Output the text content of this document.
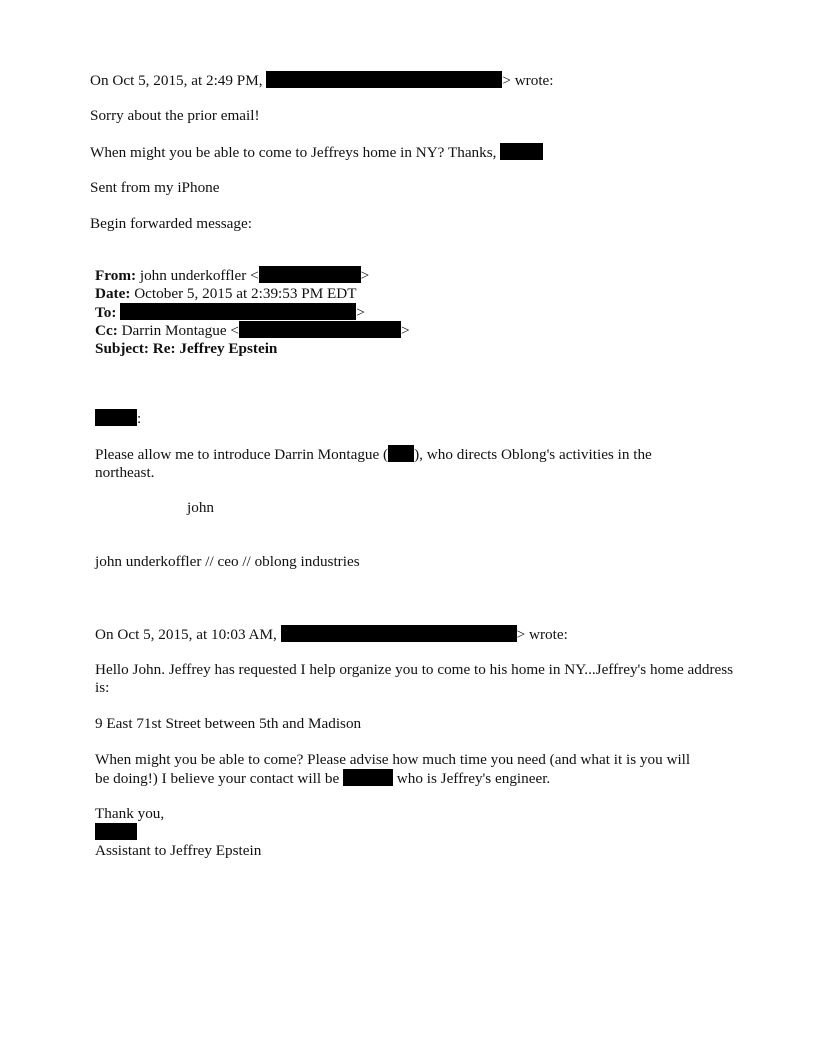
On Oct 5, 2015, at 2:49 PM,	> wrote:
Sorry about the prior email!
When might you be able to come to Jeffreys home in NY? Thanks,
Sent from my iPhone
Begin forwarded message:
From: john underkoffler <	>
Date: October 5, 2015 at 2:39:53 PM EDT
To:	>
Cc: Darrin Montague <	>
Subject: Re: Jeffrey Epstein
:
Please allow me to introduce Darrin Montague ( ), who directs Oblong's activities in the northeast.
john
john underkoffler // ceo // oblong industries
On Oct 5, 2015, at 10:03 AM,	> wrote:
Hello John. Jeffrey has requested I help organize you to come to his home in NY...Jeffrey's home address is:
9 East 71st Street between 5th and Madison
When might you be able to come? Please advise how much time you need (and what it is you will be doing!) I believe your contact will be	who is Jeffrey's engineer.
Thank you,
Assistant to Jeffrey Epstein
